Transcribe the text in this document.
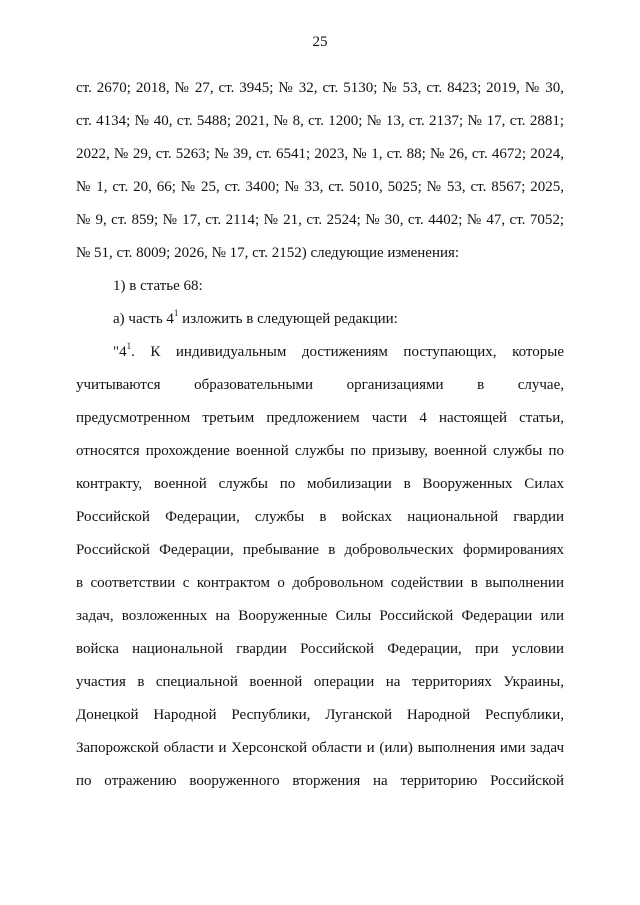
25
ст. 2670; 2018, № 27, ст. 3945; № 32, ст. 5130; № 53, ст. 8423; 2019, № 30,
ст. 4134; № 40, ст. 5488; 2021, № 8, ст. 1200; № 13, ст. 2137; № 17, ст. 2881;
2022, № 29, ст. 5263; № 39, ст. 6541; 2023, № 1, ст. 88; № 26, ст. 4672; 2024,
№ 1, ст. 20, 66; № 25, ст. 3400; № 33, ст. 5010, 5025; № 53, ст. 8567; 2025,
№ 9, ст. 859; № 17, ст. 2114; № 21, ст. 2524; № 30, ст. 4402; № 47, ст. 7052;
№ 51, ст. 8009; 2026, № 17, ст. 2152) следующие изменения:
1) в статье 68:
а) часть $4^1$ изложить в следующей редакции:
"$4^1$. К индивидуальным достижениям поступающих, которые
учитываются образовательными организациями в случае,
предусмотренном третьим предложением части 4 настоящей статьи,
относятся прохождение военной службы по призыву, военной службы по
контракту, военной службы по мобилизации в Вооруженных Силах
Российской Федерации, службы в войсках национальной гвардии
Российской Федерации, пребывание в добровольческих формированиях
в соответствии с контрактом о добровольном содействии в выполнении
задач, возложенных на Вооруженные Силы Российской Федерации или
войска национальной гвардии Российской Федерации, при условии
участия в специальной военной операции на территориях Украины,
Донецкой Народной Республики, Луганской Народной Республики,
Запорожской области и Херсонской области и (или) выполнения ими задач
по отражению вооруженного вторжения на территорию Российской
